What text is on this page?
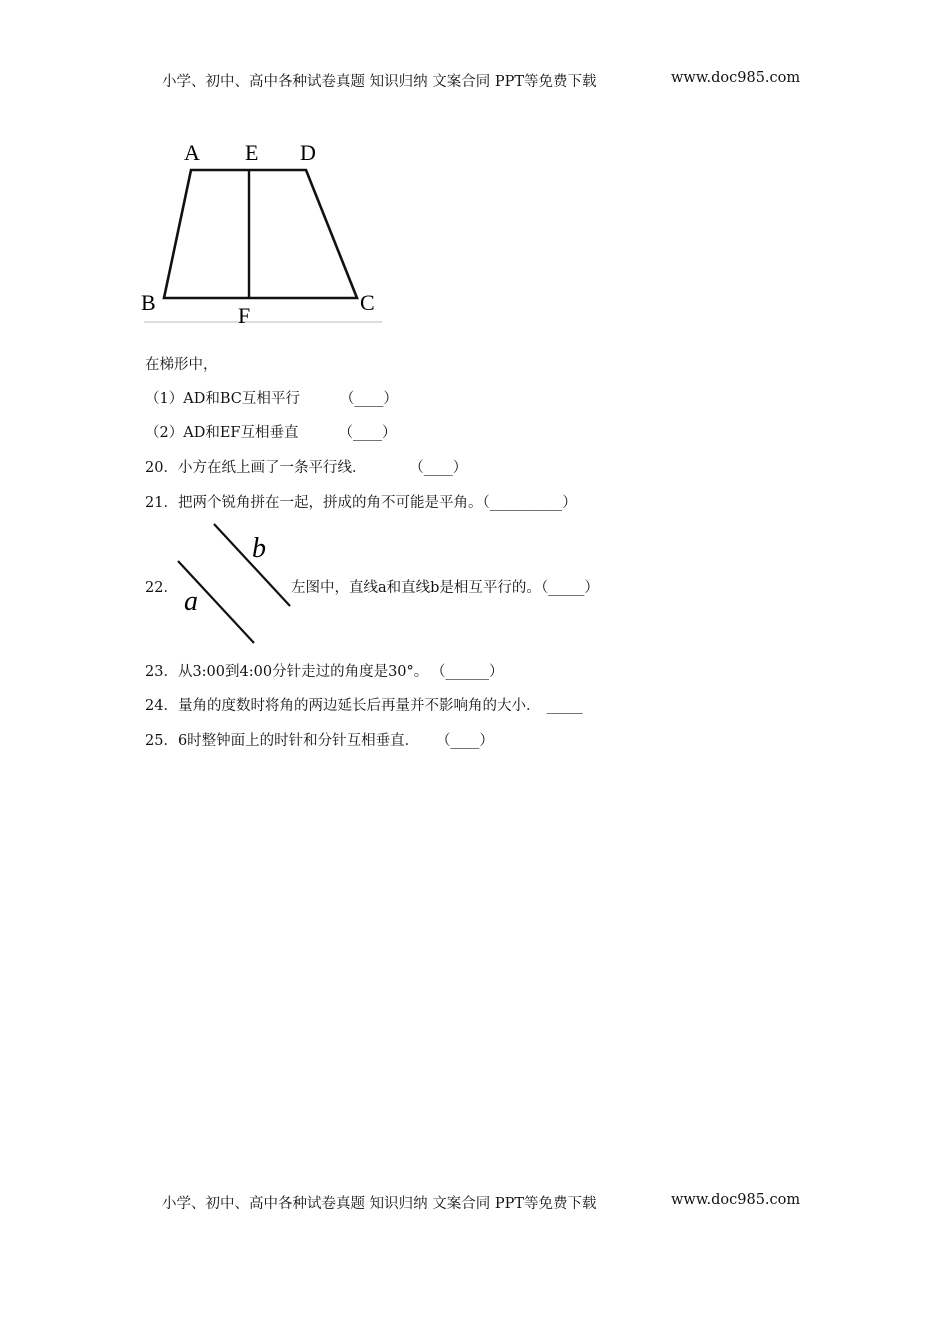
小学、初中、高中各种试卷真题 知识归纳 文案合同 PPT等免费下载	www.doc985.com
A E D
B
F
C
在梯形中，
（1）AD和BC互相平行	（____）
（2）AD和EF互相垂直	（____）
20．小方在纸上画了一条平行线．	（____）
21．把两个锐角拼在一起，拼成的角不可能是平角。（__________）
22． a
b
左图中，直线a和直线b是相互平行的。（_____）
23．从3:00到4:00分针走过的角度是30°。 （______）
24．量角的度数时将角的两边延长后再量并不影响角的大小． _____
25．6时整钟面上的时针和分针互相垂直． （____）
小学、初中、高中各种试卷真题 知识归纳 文案合同 PPT等免费下载	www.doc985.com
